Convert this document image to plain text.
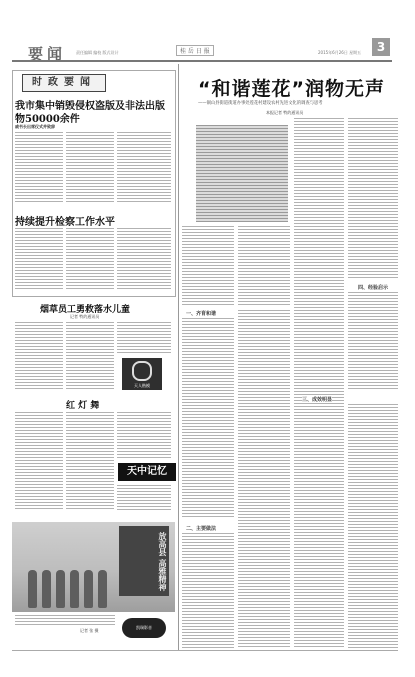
要闻 责任编辑 编校 版式设计	桂 岳 日 报	2015年6月26日 星期五	3
时政要闻
我市集中销毁侵权盗版及非法出版
物50000余件
戚书长出席仪式并致辞
持续提升检察工作水平
烟草员工勇救落水儿童
记者 特约通讯员
天人楷模
红 灯 舞
天中记忆
放高县 高雅精神
记者 张 摄
凯瑞影音
“和谐莲花”润物无声
——铜山县街道街道办事处莲花村建设农村先进文化的调查与思考
本报记者 特约通讯员
一、齐育和谐
二、主要做法
四、经验启示
三、成效明显
